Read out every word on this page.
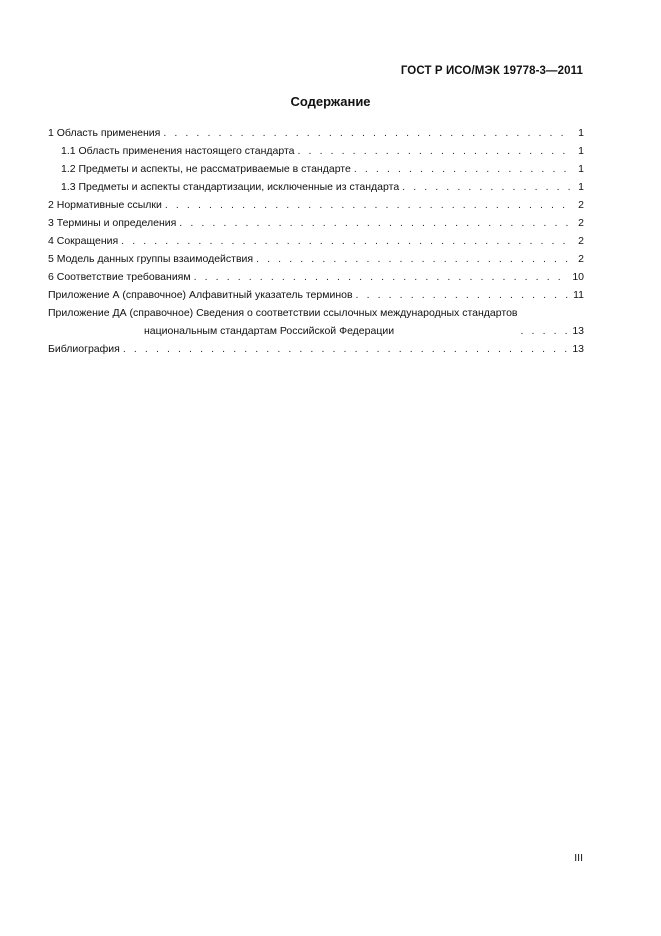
ГОСТ Р ИСО/МЭК 19778-3—2011
Содержание
1 Область применения . . .	1
1.1 Область применения настоящего стандарта . . .	1
1.2 Предметы и аспекты, не рассматриваемые в стандарте . . .	1
1.3 Предметы и аспекты стандартизации, исключенные из стандарта . . .	1
2 Нормативные ссылки . . .	2
3 Термины и определения . . .	2
4 Сокращения . . .	2
5 Модель данных группы взаимодействия . . .	2
6 Соответствие требованиям . . .	10
Приложение А (справочное) Алфавитный указатель терминов . . .	11
Приложение ДА (справочное) Сведения о соответствии ссылочных международных стандартов
национальным стандартам Российской Федерации . . .	13
Библиография . . .	13
III
